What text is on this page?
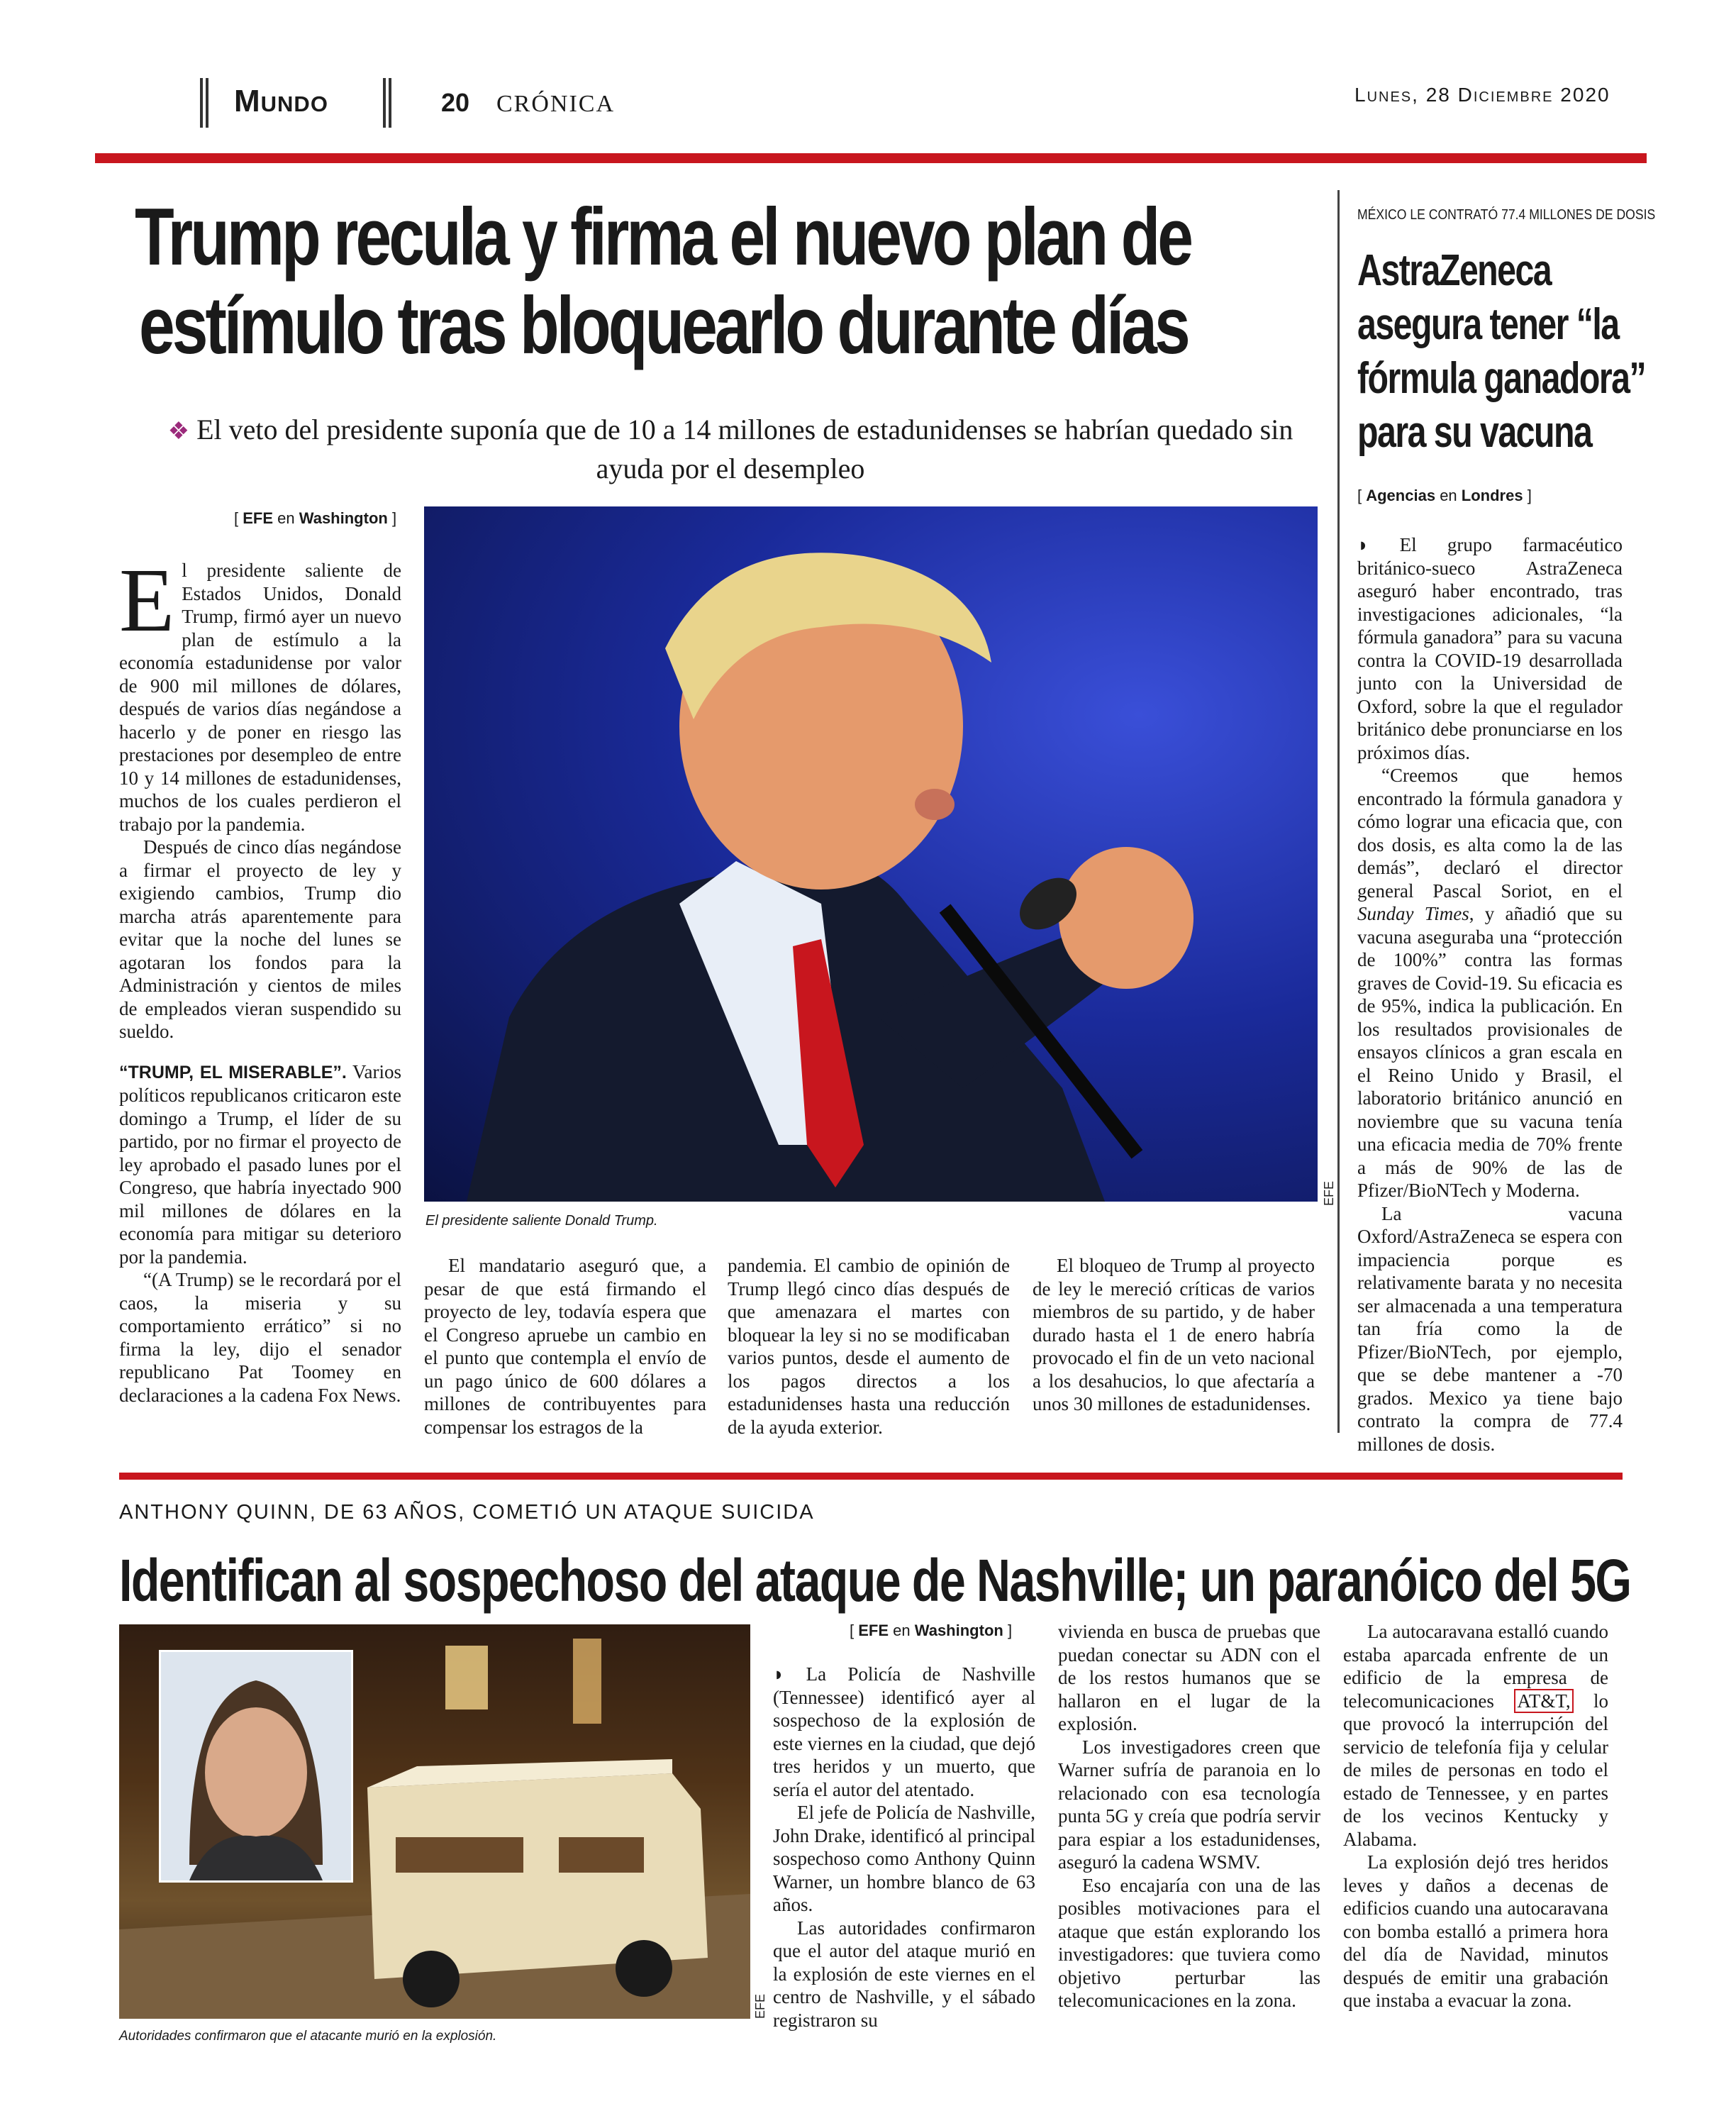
Mundo	20 CRÓNICA	Lunes, 28 Diciembre 2020
Trump recula y firma el nuevo plan de
estímulo tras bloquearlo durante días
❖ El veto del presidente suponía que de 10 a 14 millones de estadunidenses se habrían quedado sin ayuda por el desempleo
[ EFE en Washington ]

El presidente saliente de Estados Unidos, Donald Trump, firmó ayer un nuevo plan de estímulo a la economía estadunidense por valor de 900 mil millones de dólares, después de varios días negándose a hacerlo y de poner en riesgo las prestaciones por desempleo de entre 10 y 14 millones de estadunidenses, muchos de los cuales perdieron el trabajo por la pandemia.

Después de cinco días negándose a firmar el proyecto de ley y exigiendo cambios, Trump dio marcha atrás aparentemente para evitar que la noche del lunes se agotaran los fondos para la Administración y cientos de miles de empleados vieran suspendido su sueldo.

“TRUMP, EL MISERABLE”. Varios políticos republicanos criticaron este domingo a Trump, el líder de su partido, por no firmar el proyecto de ley aprobado el pasado lunes por el Congreso, que habría inyectado 900 mil millones de dólares en la economía para mitigar su deterioro por la pandemia.

“(A Trump) se le recordará por el caos, la miseria y su comportamiento errático” si no firma la ley, dijo el senador republicano Pat Toomey en declaraciones a la cadena Fox News.

EFE
El presidente saliente Donald Trump.

El mandatario aseguró que, a pesar de que está firmando el proyecto de ley, todavía espera que el Congreso apruebe un cambio en el punto que contempla el envío de un pago único de 600 dólares a millones de contribuyentes para compensar los estragos de la

pandemia. El cambio de opinión de Trump llegó cinco días después de que amenazara el martes con bloquear la ley si no se modificaban varios puntos, desde el aumento de los pagos directos a los estadunidenses hasta una reducción de la ayuda exterior.

El bloqueo de Trump al proyecto de ley le mereció críticas de varios miembros de su partido, y de haber durado hasta el 1 de enero habría provocado el fin de un veto nacional a los desahucios, lo que afectaría a unos 30 millones de estadunidenses.

MÉXICO LE CONTRATÓ 77.4 MILLONES DE DOSIS
AstraZeneca
asegura tener “la
fórmula ganadora”
para su vacuna
[ Agencias en Londres ]

◗ El grupo farmacéutico británico-sueco AstraZeneca aseguró haber encontrado, tras investigaciones adicionales, “la fórmula ganadora” para su vacuna contra la COVID-19 desarrollada junto con la Universidad de Oxford, sobre la que el regulador británico debe pronunciarse en los próximos días.

“Creemos que hemos encontrado la fórmula ganadora y cómo lograr una eficacia que, con dos dosis, es alta como la de las demás”, declaró el director general Pascal Soriot, en el Sunday Times, y añadió que su vacuna aseguraba una “protección de 100%” contra las formas graves de Covid-19. Su eficacia es de 95%, indica la publicación. En los resultados provisionales de ensayos clínicos a gran escala en el Reino Unido y Brasil, el laboratorio británico anunció en noviembre que su vacuna tenía una eficacia media de 70% frente a más de 90% de las de Pfizer/BioNTech y Moderna.

La vacuna Oxford/AstraZeneca se espera con impaciencia porque es relativamente barata y no necesita ser almacenada a una temperatura tan fría como la de Pfizer/BioNTech, por ejemplo, que se debe mantener a -70 grados. Mexico ya tiene bajo contrato la compra de 77.4 millones de dosis.

ANTHONY QUINN, DE 63 AÑOS, COMETIÓ UN ATAQUE SUICIDA
Identifican al sospechoso del ataque de Nashville; un paranóico del 5G
EFE
Autoridades confirmaron que el atacante murió en la explosión.
[ EFE en Washington ]

◗ La Policía de Nashville (Tennessee) identificó ayer al sospechoso de la explosión de este viernes en la ciudad, que dejó tres heridos y un muerto, que sería el autor del atentado.

El jefe de Policía de Nashville, John Drake, identificó al principal sospechoso como Anthony Quinn Warner, un hombre blanco de 63 años.

Las autoridades confirmaron que el autor del ataque murió en la explosión de este viernes en el centro de Nashville, y el sábado registraron su

vivienda en busca de pruebas que puedan conectar su ADN con el de los restos humanos que se hallaron en el lugar de la explosión.

Los investigadores creen que Warner sufría de paranoia en lo relacionado con esa tecnología punta 5G y creía que podría servir para espiar a los estadunidenses, aseguró la cadena WSMV.

Eso encajaría con una de las posibles motivaciones para el ataque que están explorando los investigadores: que tuviera como objetivo perturbar las telecomunicaciones en la zona.

La autocaravana estalló cuando estaba aparcada enfrente de un edificio de la empresa de telecomunicaciones AT&T, lo que provocó la interrupción del servicio de telefonía fija y celular de miles de personas en todo el estado de Tennessee, y en partes de los vecinos Kentucky y Alabama.

La explosión dejó tres heridos leves y daños a decenas de edificios cuando una autocaravana con bomba estalló a primera hora del día de Navidad, minutos después de emitir una grabación que instaba a evacuar la zona.
